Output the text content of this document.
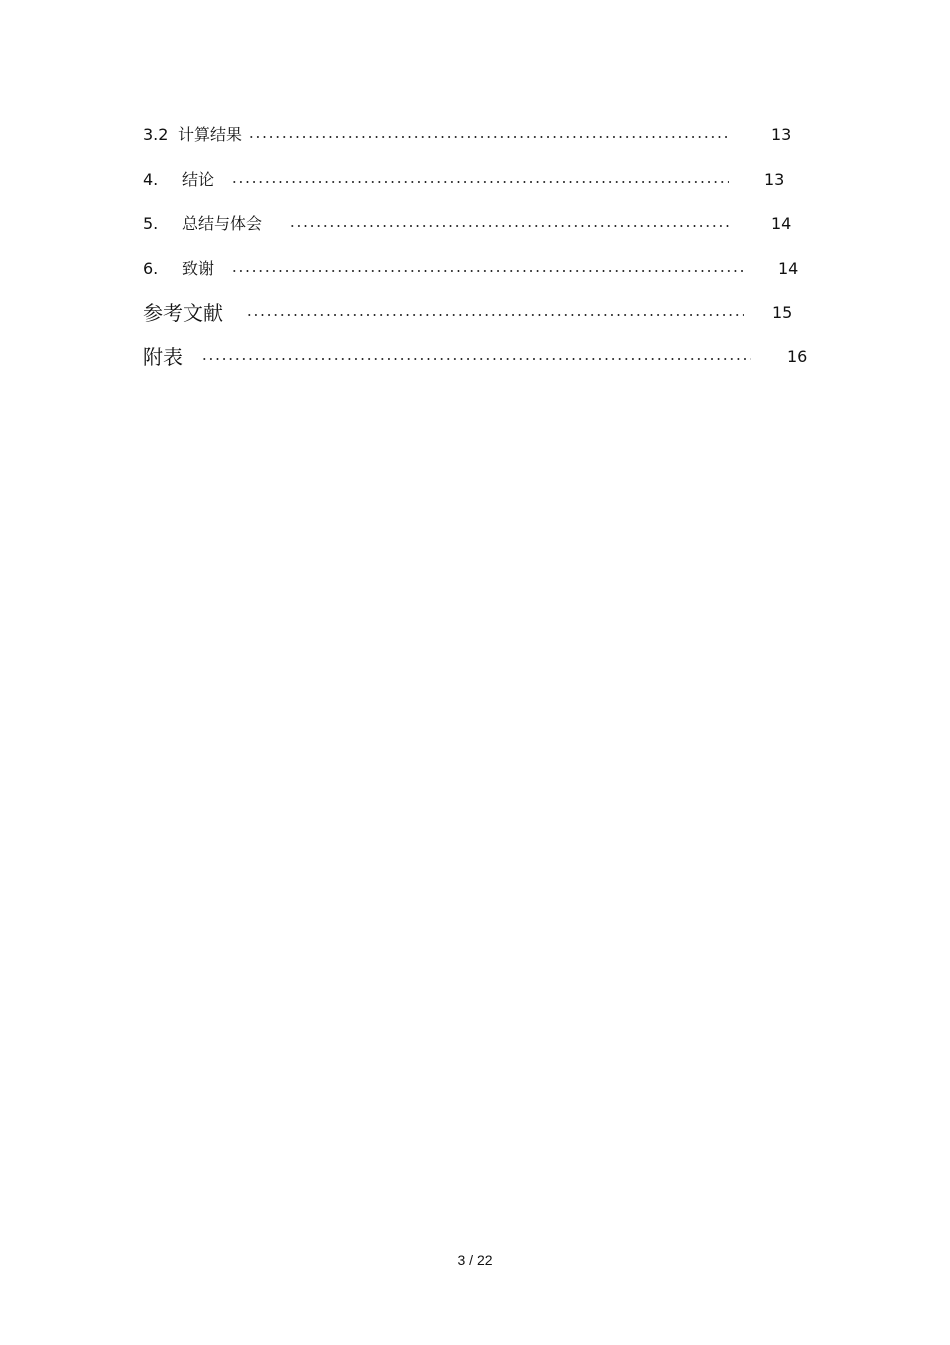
3.2 计算结果	13
4. 结论	13
5. 总结与体会	14
6. 致谢	14
参考文献	15
附表	16
3 / 22
